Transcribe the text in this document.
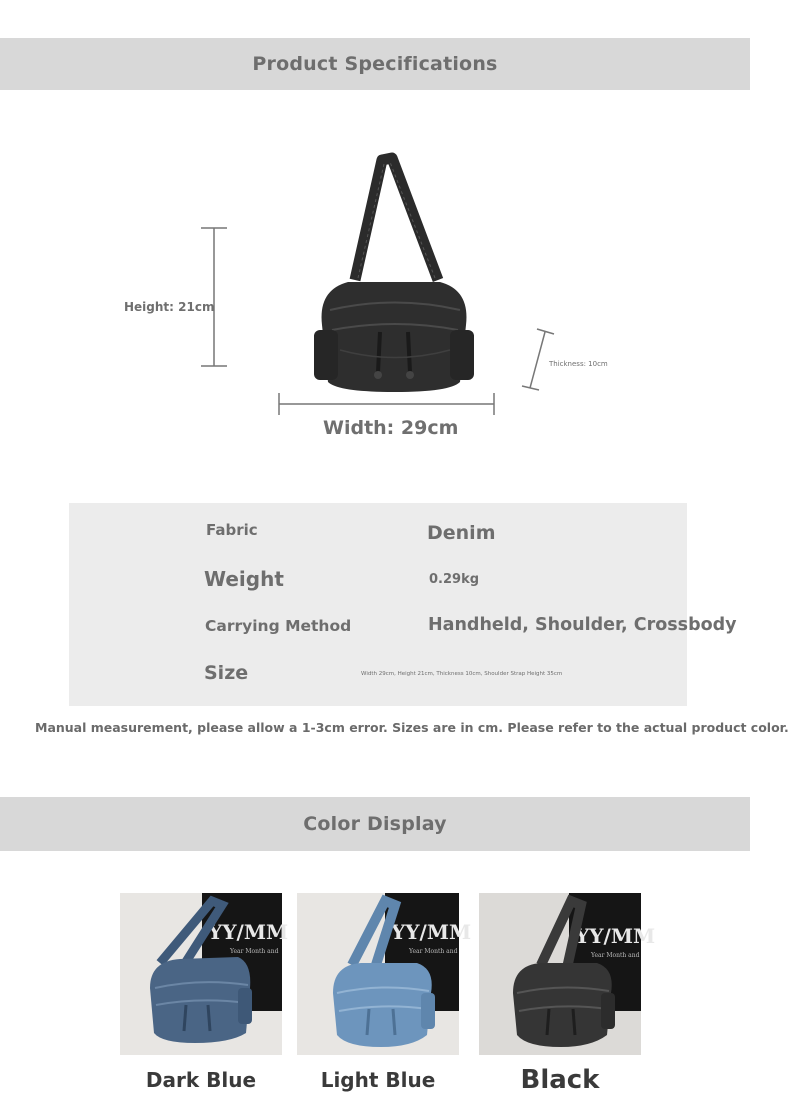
Product Specifications
Height: 21cm
Width: 29cm
Thickness: 10cm
Fabric	Denim
Weight	0.29kg
Carrying Method	Handheld, Shoulder, Crossbody
Size	Width 29cm, Height 21cm, Thickness 10cm, Shoulder Strap Height 35cm
Manual measurement, please allow a 1-3cm error. Sizes are in cm. Please refer to the actual product color.
Color Display
YY/MM
Year Month and
Dark Blue
YY/MM
Year Month and
Light Blue
YY/MM
Year Month and
Black
